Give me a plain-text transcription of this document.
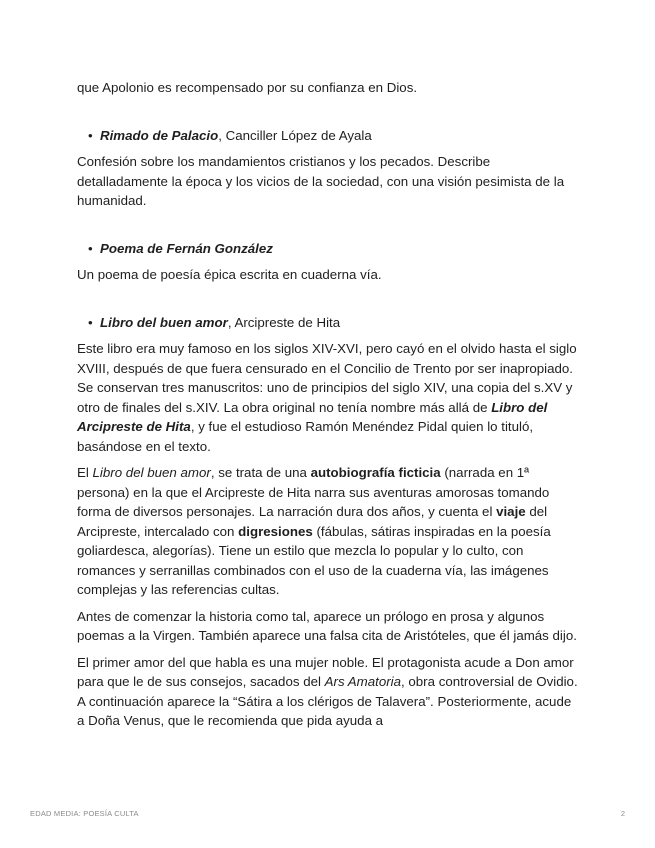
que Apolonio es recompensado por su confianza en Dios.

• Rimado de Palacio, Canciller López de Ayala

Confesión sobre los mandamientos cristianos y los pecados. Describe detalladamente la época y los vicios de la sociedad, con una visión pesimista de la humanidad.

• Poema de Fernán González

Un poema de poesía épica escrita en cuaderna vía.

• Libro del buen amor, Arcipreste de Hita

Este libro era muy famoso en los siglos XIV-XVI, pero cayó en el olvido hasta el siglo XVIII, después de que fuera censurado en el Concilio de Trento por ser inapropiado. Se conservan tres manuscritos: uno de principios del siglo XIV, una copia del s.XV y otro de finales del s.XIV. La obra original no tenía nombre más allá de Libro del Arcipreste de Hita, y fue el estudioso Ramón Menéndez Pidal quien lo tituló, basándose en el texto.

El Libro del buen amor, se trata de una autobiografía ficticia (narrada en 1ª persona) en la que el Arcipreste de Hita narra sus aventuras amorosas tomando forma de diversos personajes. La narración dura dos años, y cuenta el viaje del Arcipreste, intercalado con digresiones (fábulas, sátiras inspiradas en la poesía goliardesca, alegorías). Tiene un estilo que mezcla lo popular y lo culto, con romances y serranillas combinados con el uso de la cuaderna vía, las imágenes complejas y las referencias cultas.

Antes de comenzar la historia como tal, aparece un prólogo en prosa y algunos poemas a la Virgen. También aparece una falsa cita de Aristóteles, que él jamás dijo.

El primer amor del que habla es una mujer noble. El protagonista acude a Don amor para que le de sus consejos, sacados del Ars Amatoria, obra controversial de Ovidio. A continuación aparece la “Sátira a los clérigos de Talavera”. Posteriormente, acude a Doña Venus, que le recomienda que pida ayuda a

EDAD MEDIA: POESÍA CULTA	2
